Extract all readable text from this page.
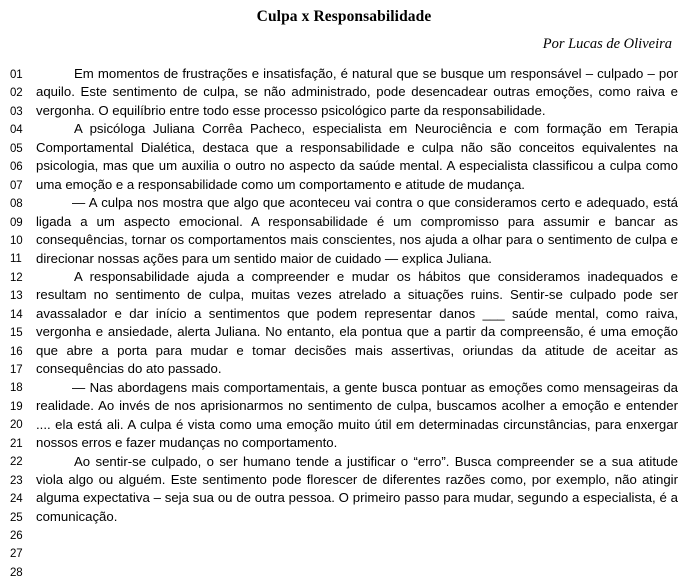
Culpa x Responsabilidade
Por Lucas de Oliveira
01
02
03
04
05
06
07
08
09
10
11
12
13
14
15
16
17
18
19
20
21
22
23
24
25
26
27
28

Em momentos de frustrações e insatisfação, é natural que se busque um responsável – culpado – por aquilo. Este sentimento de culpa, se não administrado, pode desencadear outras emoções, como raiva e vergonha. O equilíbrio entre todo esse processo psicológico parte da responsabilidade.

A psicóloga Juliana Corrêa Pacheco, especialista em Neurociência e com formação em Terapia Comportamental Dialética, destaca que a responsabilidade e culpa não são conceitos equivalentes na psicologia, mas que um auxilia o outro no aspecto da saúde mental. A especialista classificou a culpa como uma emoção e a responsabilidade como um comportamento e atitude de mudança.

— A culpa nos mostra que algo que aconteceu vai contra o que consideramos certo e adequado, está ligada a um aspecto emocional. A responsabilidade é um compromisso para assumir e bancar as consequências, tornar os comportamentos mais conscientes, nos ajuda a olhar para o sentimento de culpa e direcionar nossas ações para um sentido maior de cuidado — explica Juliana.

A responsabilidade ajuda a compreender e mudar os hábitos que consideramos inadequados e resultam no sentimento de culpa, muitas vezes atrelado a situações ruins. Sentir-se culpado pode ser avassalador e dar início a sentimentos que podem representar danos ___ saúde mental, como raiva, vergonha e ansiedade, alerta Juliana. No entanto, ela pontua que a partir da compreensão, é uma emoção que abre a porta para mudar e tomar decisões mais assertivas, oriundas da atitude de aceitar as consequências do ato passado.

— Nas abordagens mais comportamentais, a gente busca pontuar as emoções como mensageiras da realidade. Ao invés de nos aprisionarmos no sentimento de culpa, buscamos acolher a emoção e entender .... ela está ali. A culpa é vista como uma emoção muito útil em determinadas circunstâncias, para enxergar nossos erros e fazer mudanças no comportamento.

Ao sentir-se culpado, o ser humano tende a justificar o “erro”. Busca compreender se a sua atitude viola algo ou alguém. Este sentimento pode florescer de diferentes razões como, por exemplo, não atingir alguma expectativa – seja sua ou de outra pessoa. O primeiro passo para mudar, segundo a especialista, é a comunicação.
